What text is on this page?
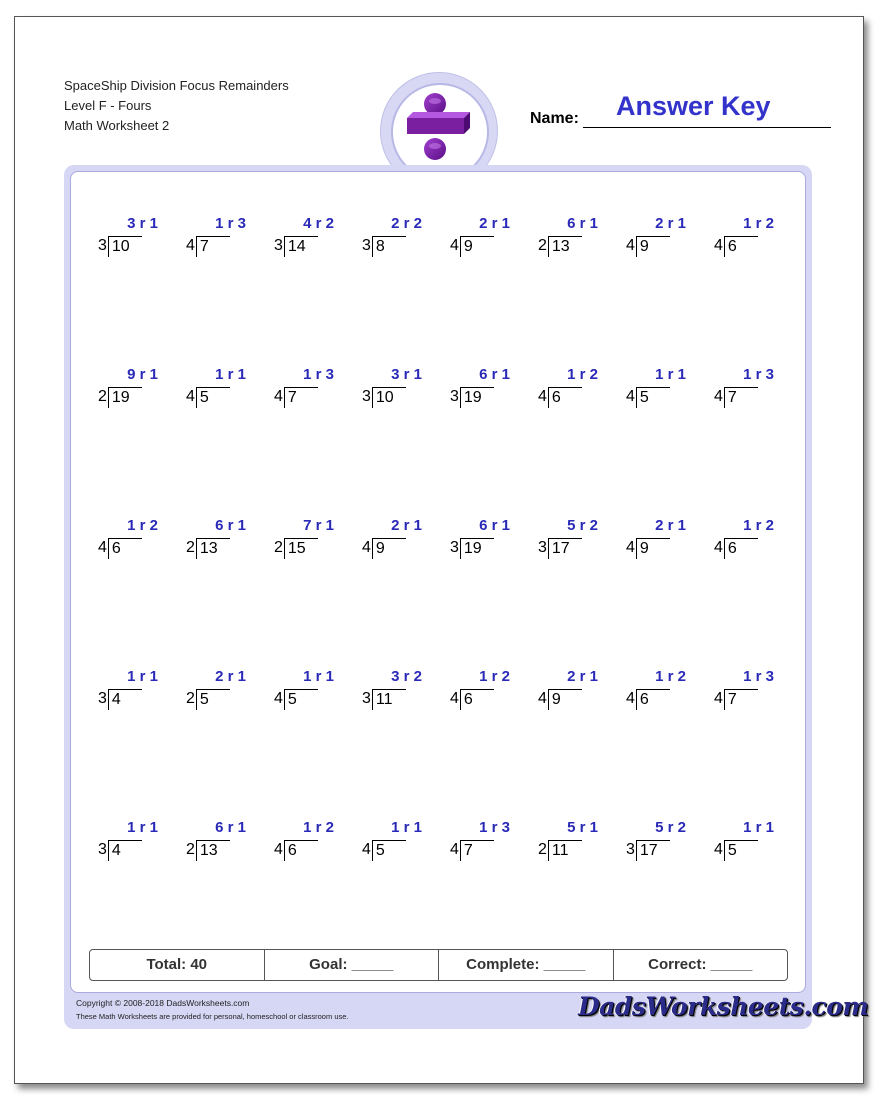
SpaceShip Division Focus Remainders
Level F - Fours
Math Worksheet 2	Name: Answer Key
3 r 1
3 10
1 r 3
4 7
4 r 2
3 14
2 r 2
3 8
2 r 1
4 9
6 r 1
2 13
2 r 1
4 9
1 r 2
4 6
9 r 1
2 19
1 r 1
4 5
1 r 3
4 7
3 r 1
3 10
6 r 1
3 19
1 r 2
4 6
1 r 1
4 5
1 r 3
4 7
1 r 2
4 6
6 r 1
2 13
7 r 1
2 15
2 r 1
4 9
6 r 1
3 19
5 r 2
3 17
2 r 1
4 9
1 r 2
4 6
1 r 1
3 4
2 r 1
2 5
1 r 1
4 5
3 r 2
3 11
1 r 2
4 6
2 r 1
4 9
1 r 2
4 6
1 r 3
4 7
1 r 1
3 4
6 r 1
2 13
1 r 2
4 6
1 r 1
4 5
1 r 3
4 7
5 r 1
2 11
5 r 2
3 17
1 r 1
4 5
Total: 40	Goal: _____	Complete: _____	Correct: _____
Copyright © 2008-2018 DadsWorksheets.com
These Math Worksheets are provided for personal, homeschool or classroom use.	DadsWorksheets.com
